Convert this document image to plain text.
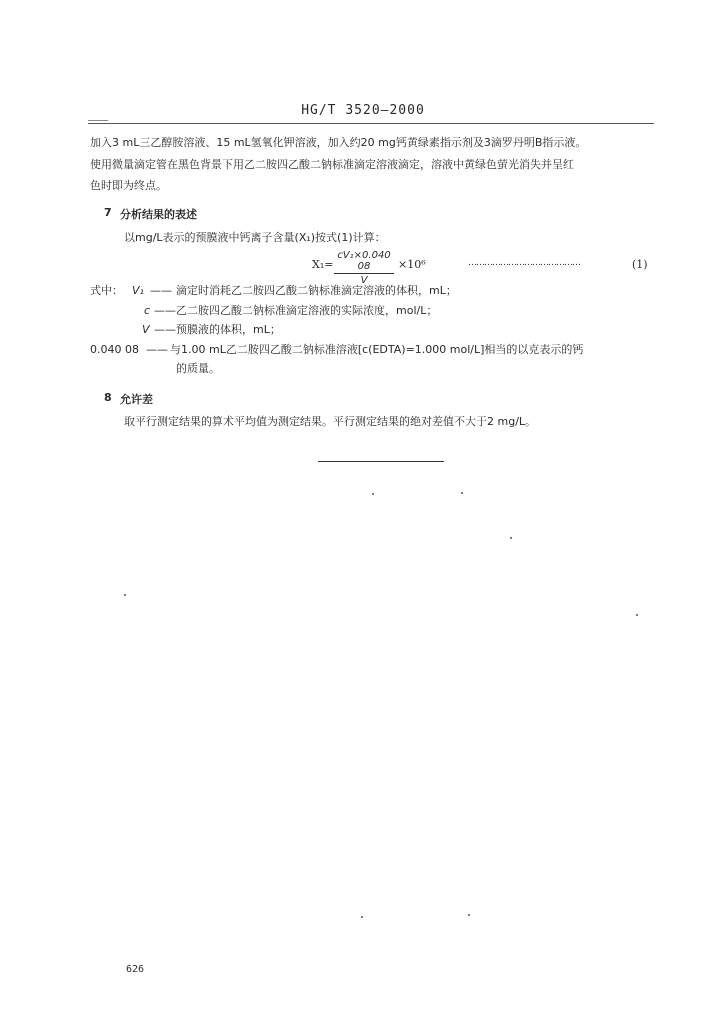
HG/T 3520—2000
加入3 mL三乙醇胺溶液、15 mL氢氧化钾溶液，加入约20 mg钙黄绿素指示剂及3滴罗丹明B指示液。
使用微量滴定管在黑色背景下用乙二胺四乙酸二钠标准滴定溶液滴定，溶液中黄绿色萤光消失并呈红
色时即为终点。
7 分析结果的表述
以mg/L表示的预膜液中钙离子含量(X₁)按式(1)计算：
$X_1= \frac{\text{cV₁×0.040 08}}{V} \times 10^6$	……………………………………	(1)
式中： V₁ —— 滴定时消耗乙二胺四乙酸二钠标准滴定溶液的体积，mL；
c —— 乙二胺四乙酸二钠标准滴定溶液的实际浓度，mol/L；
V —— 预膜液的体积，mL；
0.040 08 —— 与1.00 mL乙二胺四乙酸二钠标准溶液[c(EDTA)=1.000 mol/L]相当的以克表示的钙
的质量。
8 允许差
取平行测定结果的算术平均值为测定结果。平行测定结果的绝对差值不大于2 mg/L。
626
